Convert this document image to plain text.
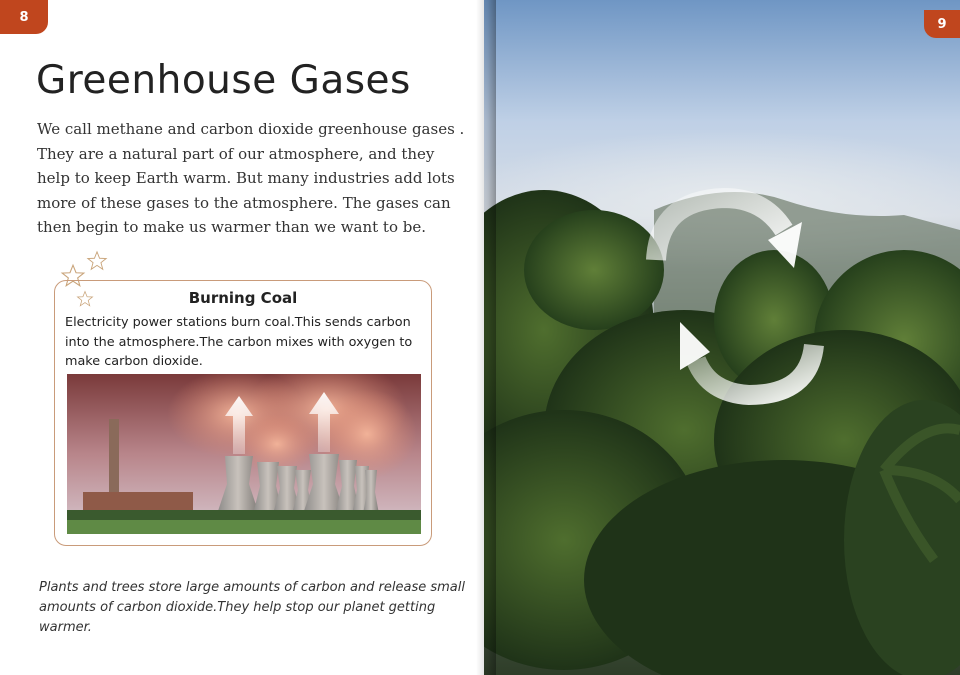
8
Greenhouse Gases

We call methane and carbon dioxide greenhouse gases . They are a natural part of our atmosphere, and they help to keep Earth warm. But many industries add lots more of these gases to the atmosphere. The gases can then begin to make us warmer than we want to be.

Burning Coal

Electricity power stations burn coal.This sends carbon into the atmosphere.The carbon mixes with oxygen to make carbon dioxide.

Plants and trees store large amounts of carbon and release small amounts of carbon dioxide.They help stop our planet getting warmer.

9
